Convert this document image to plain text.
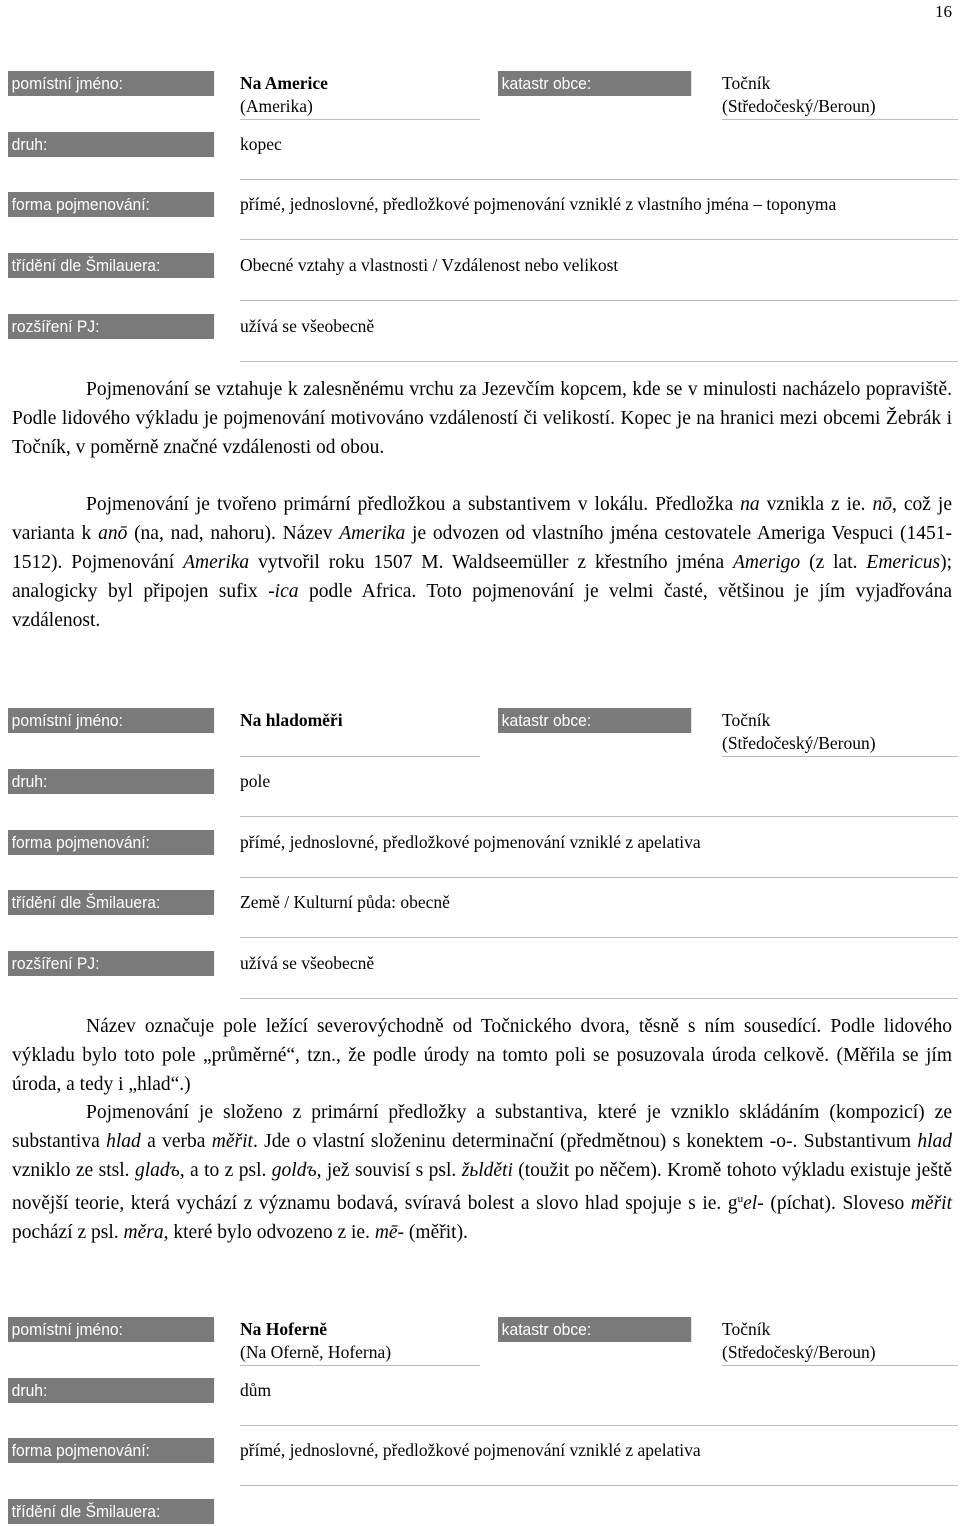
16
pomístní jméno:	Na Americe
(Amerika)
katastr obce:	Točník
(Středočeský/Beroun)
druh:	kopec
forma pojmenování:	přímé, jednoslovné, předložkové pojmenování vzniklé z vlastního jména – toponyma
třídění dle Šmilauera:	Obecné vztahy a vlastnosti / Vzdálenost nebo velikost
rozšíření PJ:	užívá se všeobecně

Pojmenování se vztahuje k zalesněnému vrchu za Jezevčím kopcem, kde se v minulosti nacházelo popraviště. Podle lidového výkladu je pojmenování motivováno vzdáleností či velikostí. Kopec je na hranici mezi obcemi Žebrák i Točník, v poměrně značné vzdálenosti od obou.

Pojmenování je tvořeno primární předložkou a substantivem v lokálu. Předložka na vznikla z ie. nō, což je varianta k anō (na, nad, nahoru). Název Amerika je odvozen od vlastního jména cestovatele Ameriga Vespuci (1451-1512). Pojmenování Amerika vytvořil roku 1507 M. Waldseemüller z křestního jména Amerigo (z lat. Emericus); analogicky byl připojen sufix -ica podle Africa. Toto pojmenování je velmi časté, většinou je jím vyjadřována vzdálenost.

pomístní jméno:	Na hladoměři	katastr obce:	Točník
(Středočeský/Beroun)
druh:	pole
forma pojmenování:	přímé, jednoslovné, předložkové pojmenování vzniklé z apelativa
třídění dle Šmilauera:	Země / Kulturní půda: obecně
rozšíření PJ:	užívá se všeobecně

Název označuje pole ležící severovýchodně od Točnického dvora, těsně s ním sousedící. Podle lidového výkladu bylo toto pole „průměrné“, tzn., že podle úrody na tomto poli se posuzovala úroda celkově. (Měřila se jím úroda, a tedy i „hlad“.)

Pojmenování je složeno z primární předložky a substantiva, které je vzniklo skládáním (kompozicí) ze substantiva hlad a verba měřit. Jde o vlastní složeninu determinační (předmětnou) s konektem -o-. Substantivum hlad vzniklo ze stsl. gladъ, a to z psl. goldъ, jež souvisí s psl. žьlděti (toužit po něčem). Kromě tohoto výkladu existuje ještě novější teorie, která vychází z významu bodavá, svíravá bolest a slovo hlad spojuje s ie. $g^uel-$ (píchat). Sloveso měřit pochází z psl. měra, které bylo odvozeno z ie. mē- (měřit).

pomístní jméno:	Na Hoferně
(Na Oferně, Hoferna)
katastr obce:	Točník
(Středočeský/Beroun)
druh:	dům
forma pojmenování:	přímé, jednoslovné, předložkové pojmenování vzniklé z apelativa
třídění dle Šmilauera:
